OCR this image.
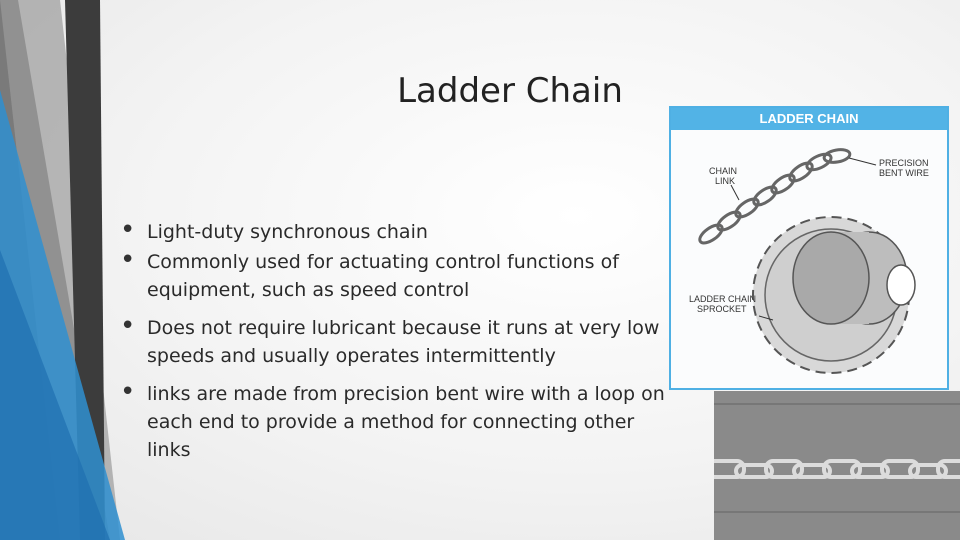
Ladder Chain
• Light-duty synchronous chain
• Commonly used for actuating control functions of equipment, such as speed control
• Does not require lubricant because it runs at very low speeds and usually operates intermittently
• links are made from precision bent wire with a loop on each end to provide a method for connecting other links
LADDER CHAIN
CHAIN
LINK
PRECISION
BENT WIRE
LADDER CHAIN
SPROCKET
